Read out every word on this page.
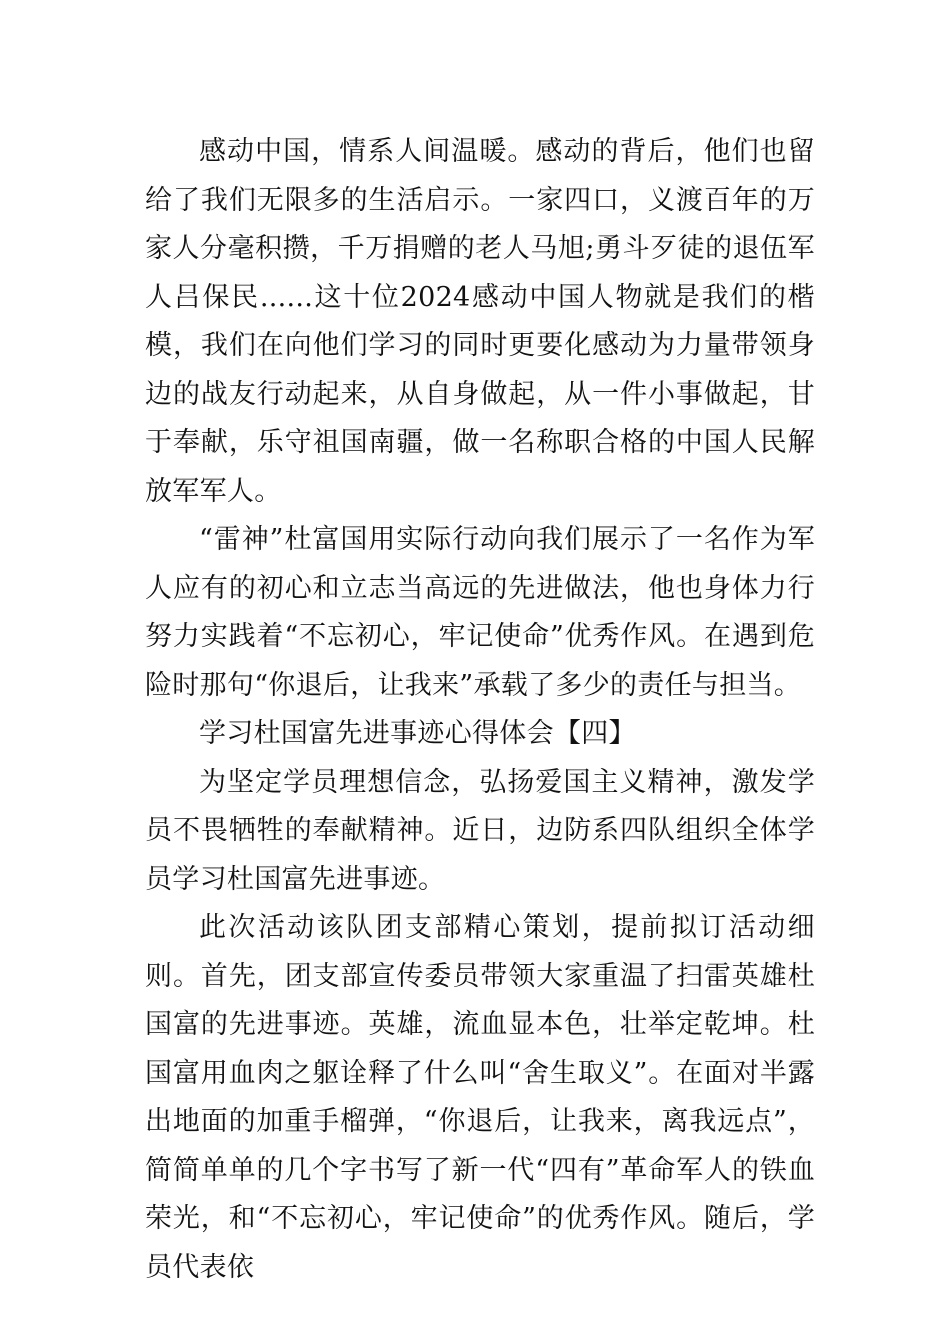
感动中国，情系人间温暖。感动的背后，他们也留给了我们无限多的生活启示。一家四口，义渡百年的万家人分毫积攒，千万捐赠的老人马旭;勇斗歹徒的退伍军人吕保民......这十位2024感动中国人物就是我们的楷模，我们在向他们学习的同时更要化感动为力量带领身边的战友行动起来，从自身做起，从一件小事做起，甘于奉献，乐守祖国南疆，做一名称职合格的中国人民解放军军人。

“雷神”杜富国用实际行动向我们展示了一名作为军人应有的初心和立志当高远的先进做法，他也身体力行努力实践着“不忘初心，牢记使命”优秀作风。在遇到危险时那句“你退后，让我来”承载了多少的责任与担当。

学习杜国富先进事迹心得体会【四】

为坚定学员理想信念，弘扬爱国主义精神，激发学员不畏牺牲的奉献精神。近日，边防系四队组织全体学员学习杜国富先进事迹。

此次活动该队团支部精心策划，提前拟订活动细则。首先，团支部宣传委员带领大家重温了扫雷英雄杜国富的先进事迹。英雄，流血显本色，壮举定乾坤。杜国富用血肉之躯诠释了什么叫“舍生取义”。在面对半露出地面的加重手榴弹，“你退后，让我来，离我远点”，简简单单的几个字书写了新一代“四有”革命军人的铁血荣光，和“不忘初心，牢记使命”的优秀作风。随后，学员代表依
